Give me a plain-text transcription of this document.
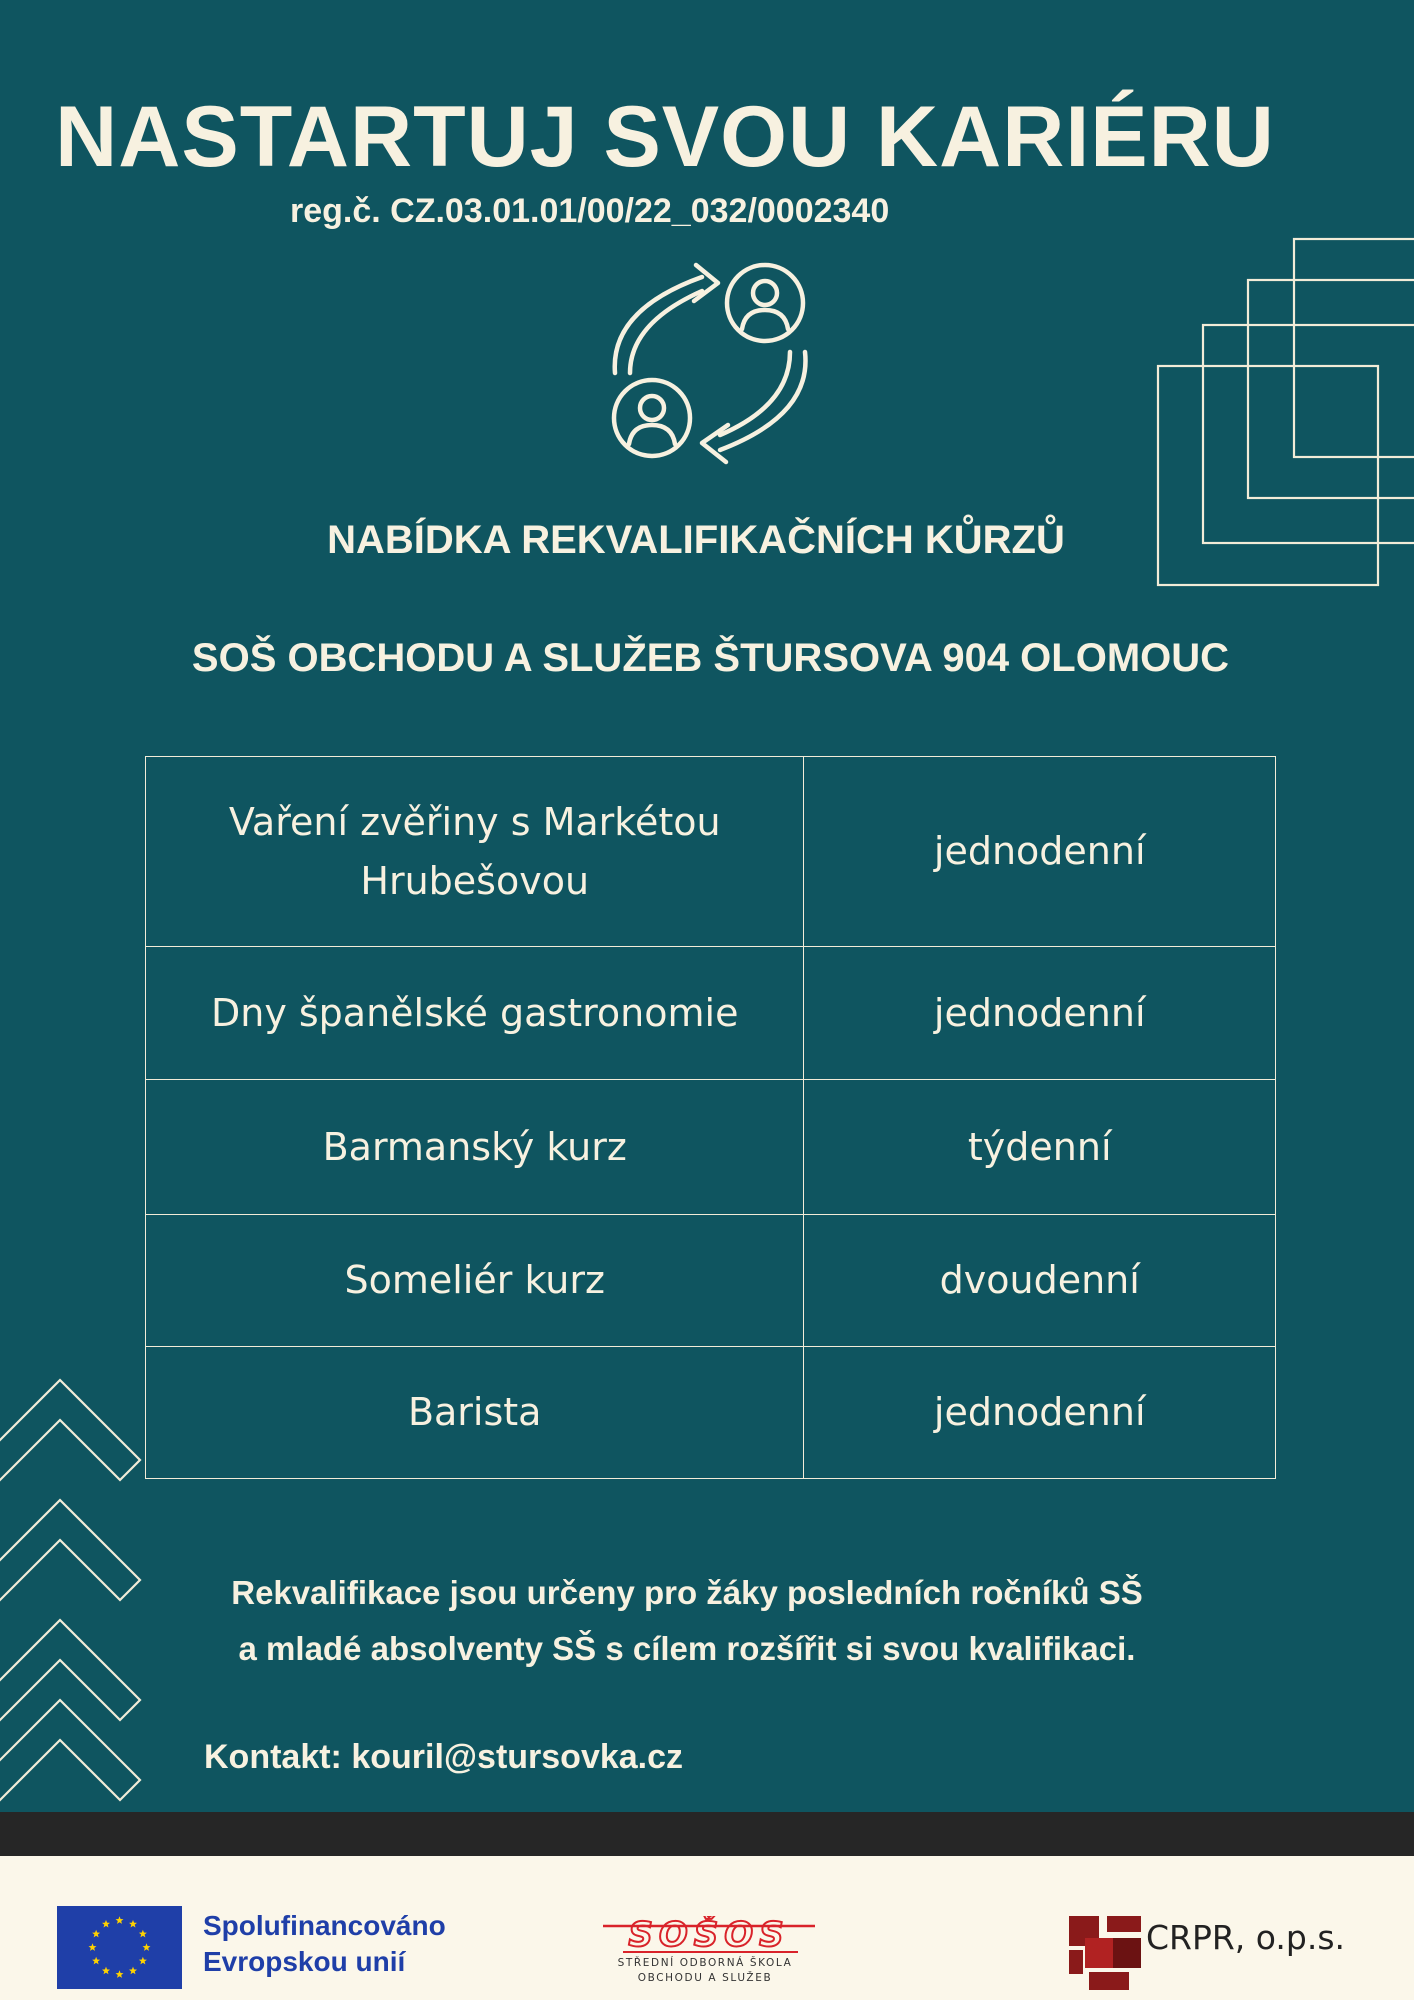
NASTARTUJ SVOU KARIÉRU
reg.č. CZ.03.01.01/00/22_032/0002340
NABÍDKA REKVALIFIKAČNÍCH KŮRZŮ
SOŠ OBCHODU A SLUŽEB ŠTURSOVA 904 OLOMOUC
Vaření zvěřiny s Markétou Hrubešovou	jednodenní
Dny španělské gastronomie	jednodenní
Barmanský kurz	týdenní
Someliér kurz	dvoudenní
Barista	jednodenní
Rekvalifikace jsou určeny pro žáky posledních ročníků SŠ
a mladé absolventy SŠ s cílem rozšířit si svou kvalifikaci.
Kontakt: kouril@stursovka.cz
Spolufinancováno
Evropskou unií
SOŠOS
STŘEDNÍ ODBORNÁ ŠKOLA
OBCHODU A SLUŽEB
CRPR, o.p.s.
